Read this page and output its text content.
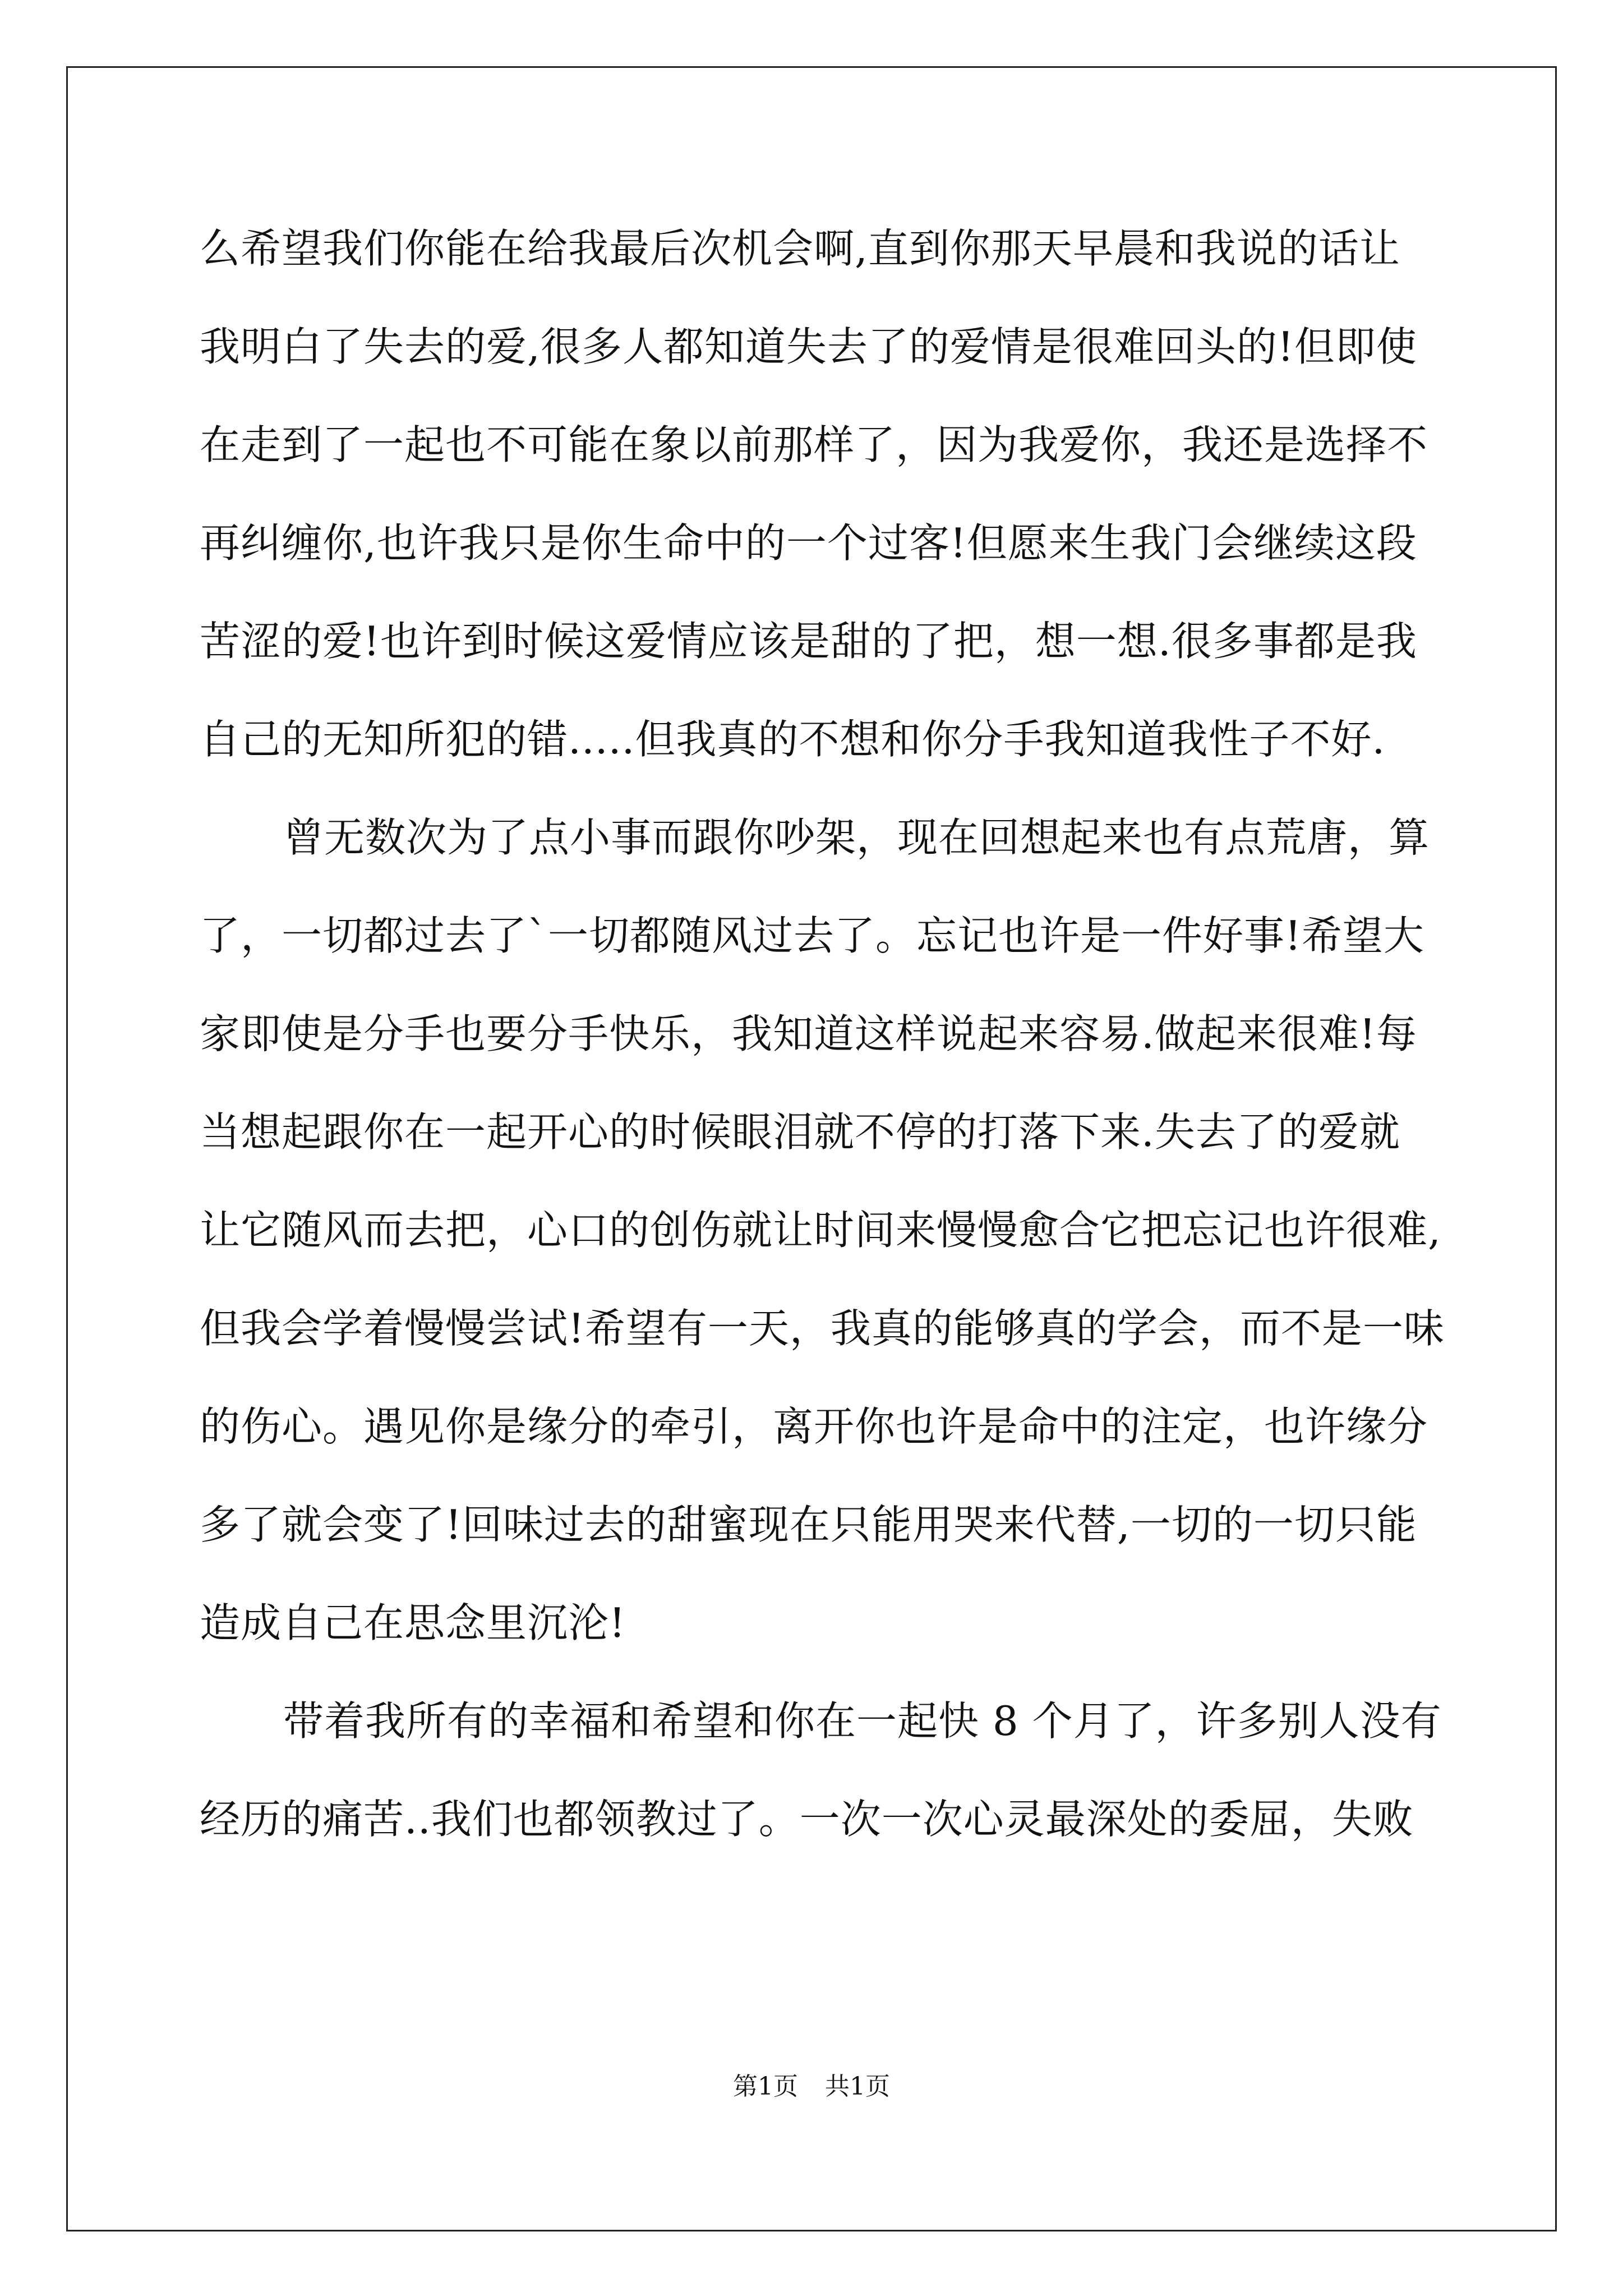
么希望我们你能在给我最后次机会啊,直到你那天早晨和我说的话让
我明白了失去的爱,很多人都知道失去了的爱情是很难回头的!但即使
在走到了一起也不可能在象以前那样了，因为我爱你，我还是选择不
再纠缠你,也许我只是你生命中的一个过客!但愿来生我门会继续这段
苦涩的爱!也许到时候这爱情应该是甜的了把，想一想.很多事都是我
自己的无知所犯的错.....但我真的不想和你分手我知道我性子不好.
曾无数次为了点小事而跟你吵架，现在回想起来也有点荒唐，算
了，一切都过去了`一切都随风过去了。忘记也许是一件好事!希望大
家即使是分手也要分手快乐，我知道这样说起来容易.做起来很难!每
当想起跟你在一起开心的时候眼泪就不停的打落下来.失去了的爱就
让它随风而去把，心口的创伤就让时间来慢慢愈合它把忘记也许很难,
但我会学着慢慢尝试!希望有一天，我真的能够真的学会，而不是一味
的伤心。遇见你是缘分的牵引，离开你也许是命中的注定，也许缘分
多了就会变了!回味过去的甜蜜现在只能用哭来代替,一切的一切只能
造成自己在思念里沉沦!
带着我所有的幸福和希望和你在一起快 8 个月了，许多别人没有
经历的痛苦..我们也都领教过了。一次一次心灵最深处的委屈，失败
第1页 共1页
